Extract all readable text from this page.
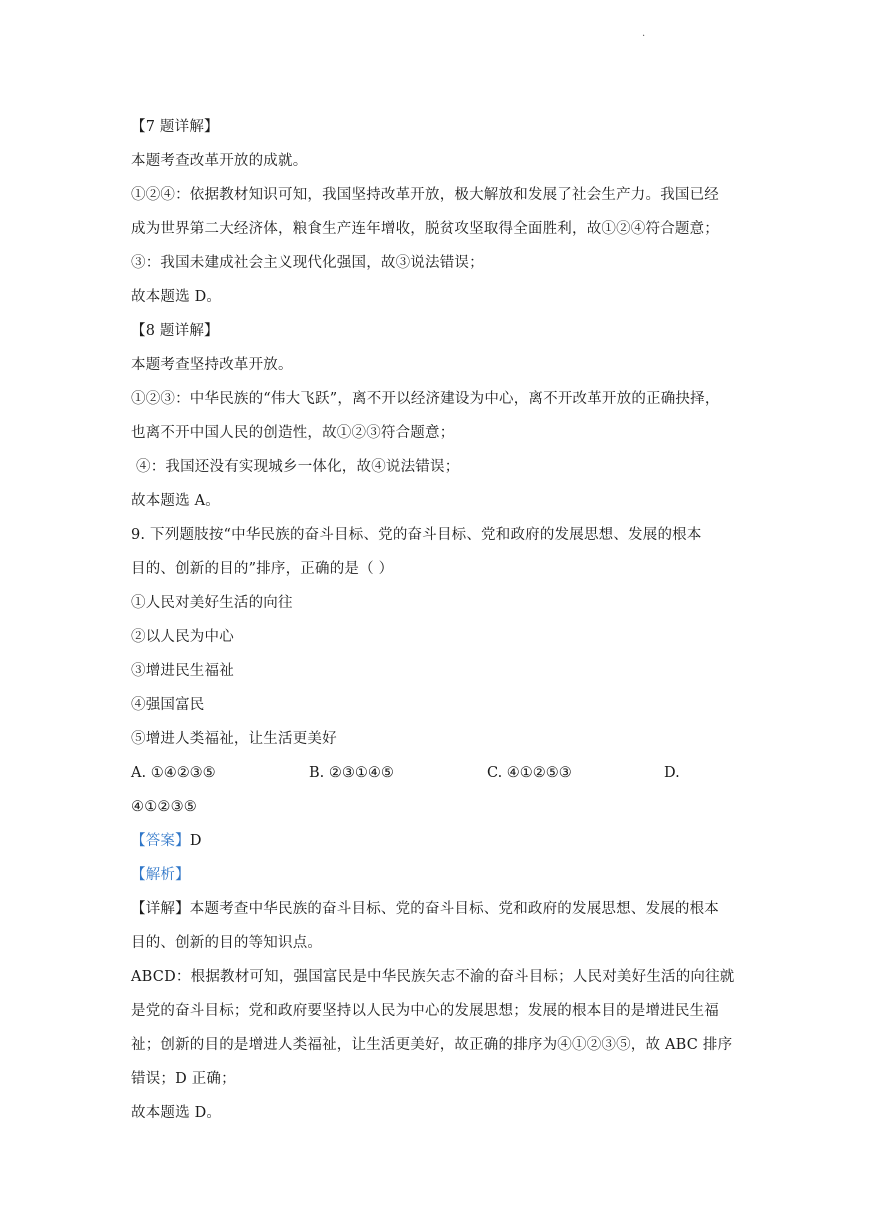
.
【7 题详解】
本题考查改革开放的成就。
①②④：依据教材知识可知，我国坚持改革开放，极大解放和发展了社会生产力。我国已经
成为世界第二大经济体，粮食生产连年增收，脱贫攻坚取得全面胜利，故①②④符合题意；
③：我国未建成社会主义现代化强国，故③说法错误；
故本题选 D。
【8 题详解】
本题考查坚持改革开放。
①②③：中华民族的“伟大飞跃”，离不开以经济建设为中心，离不开改革开放的正确抉择，
也离不开中国人民的创造性，故①②③符合题意；
④：我国还没有实现城乡一体化，故④说法错误；
故本题选 A。
9. 下列题肢按“中华民族的奋斗目标、党的奋斗目标、党和政府的发展思想、发展的根本
目的、创新的目的”排序，正确的是（ ）
①人民对美好生活的向往
②以人民为中心
③增进民生福祉
④强国富民
⑤增进人类福祉，让生活更美好
A. ①④②③⑤	B. ②③①④⑤	C. ④①②⑤③	D.
④①②③⑤
【答案】D
【解析】
【详解】本题考查中华民族的奋斗目标、党的奋斗目标、党和政府的发展思想、发展的根本
目的、创新的目的等知识点。
ABCD：根据教材可知，强国富民是中华民族矢志不渝的奋斗目标；人民对美好生活的向往就
是党的奋斗目标；党和政府要坚持以人民为中心的发展思想；发展的根本目的是增进民生福
祉；创新的目的是增进人类福祉，让生活更美好，故正确的排序为④①②③⑤，故 ABC 排序
错误；D 正确；
故本题选 D。
